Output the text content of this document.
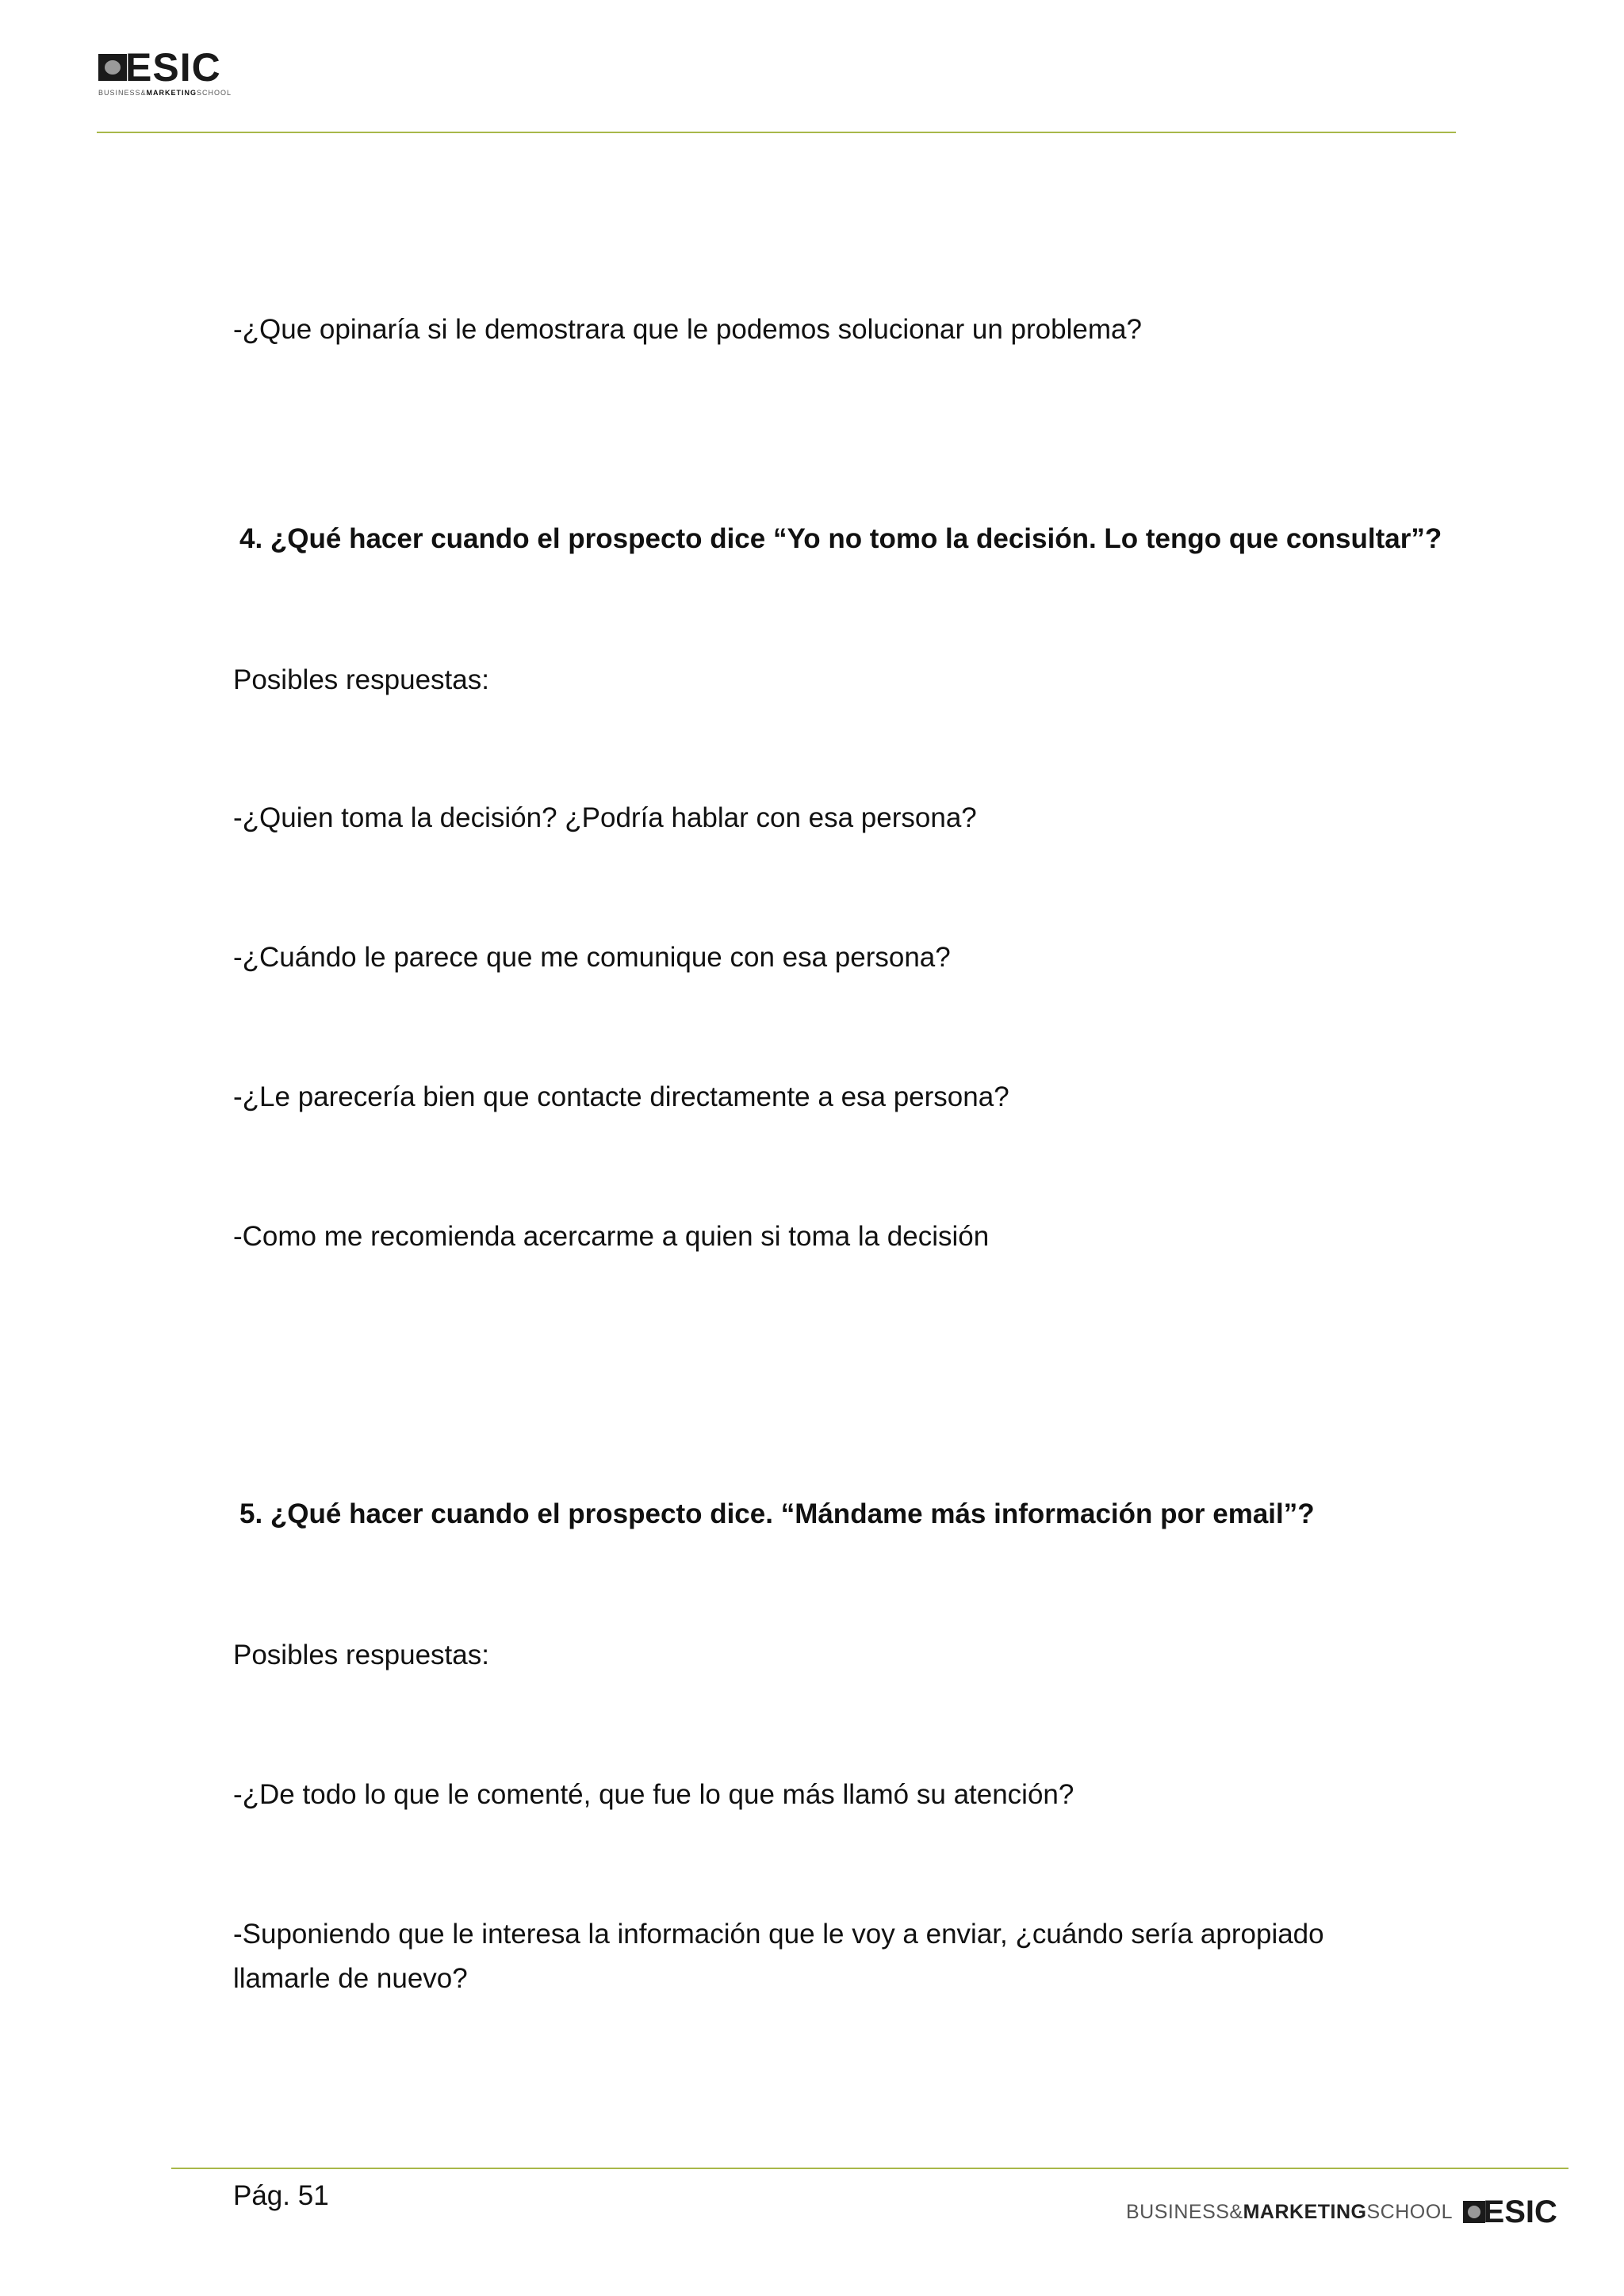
ESIC
BUSINESS&MARKETINGSCHOOL
-¿Que opinaría si le demostrara que le podemos solucionar un problema?
4. ¿Qué hacer cuando el prospecto dice “Yo no tomo la decisión. Lo tengo que consultar”?
Posibles respuestas:
-¿Quien toma la decisión? ¿Podría hablar con esa persona?
-¿Cuándo le parece que me comunique con esa persona?
-¿Le parecería bien que contacte directamente a esa persona?
-Como me recomienda acercarme a quien si toma la decisión
5. ¿Qué hacer cuando el prospecto dice. “Mándame más información por email”?
Posibles respuestas:
-¿De todo lo que le comenté, que fue lo que más llamó su atención?
-Suponiendo que le interesa la información que le voy a enviar, ¿cuándo sería apropiado
llamarle de nuevo?
Pág. 51
BUSINESS&MARKETINGSCHOOL ESIC
